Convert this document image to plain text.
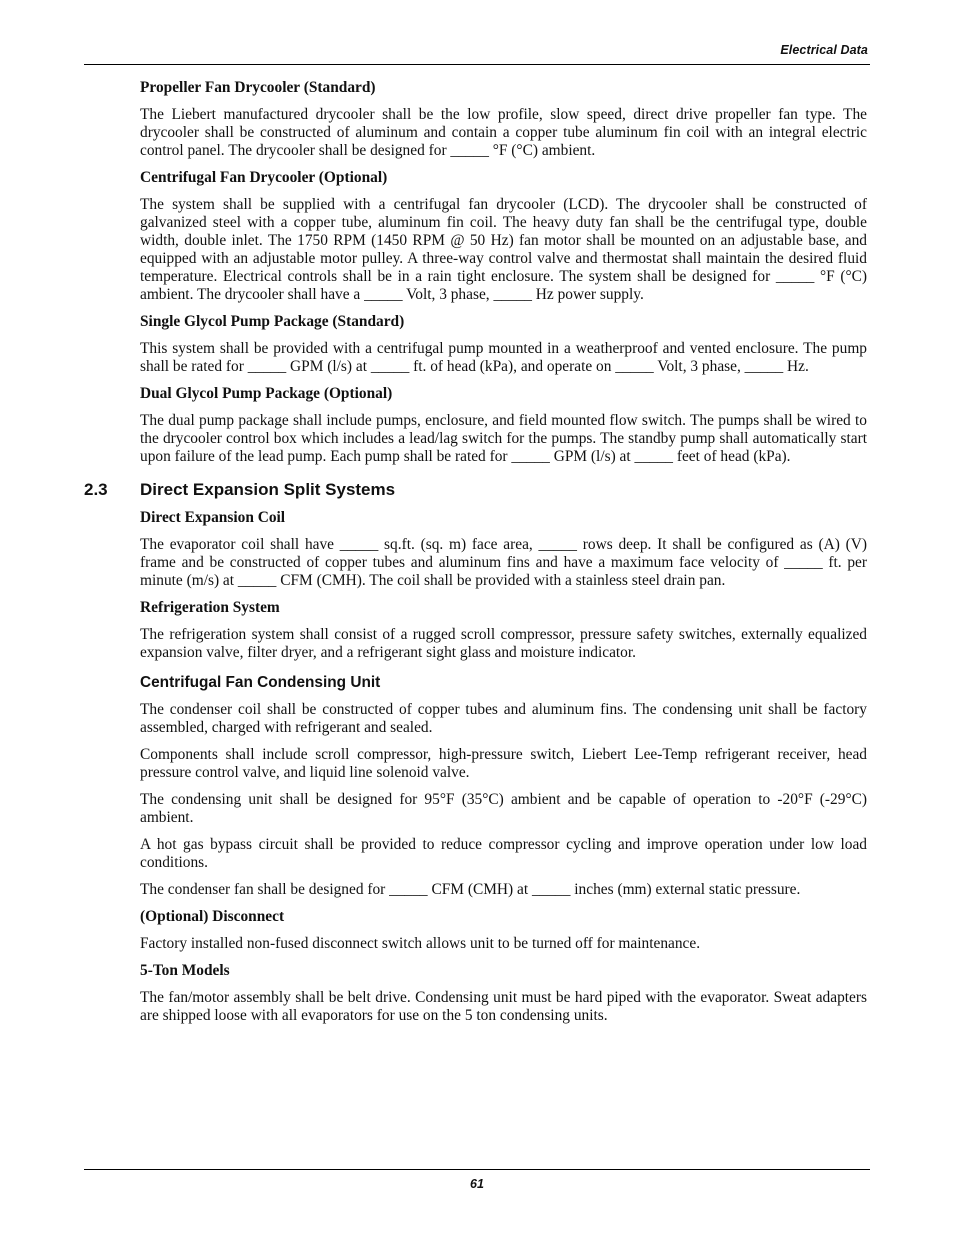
Electrical Data
Propeller Fan Drycooler (Standard)

The Liebert manufactured drycooler shall be the low profile, slow speed, direct drive propeller fan type. The drycooler shall be constructed of aluminum and contain a copper tube aluminum fin coil with an integral electric control panel. The drycooler shall be designed for _____ °F (°C) ambient.

Centrifugal Fan Drycooler (Optional)

The system shall be supplied with a centrifugal fan drycooler (LCD). The drycooler shall be constructed of galvanized steel with a copper tube, aluminum fin coil. The heavy duty fan shall be the centrifugal type, double width, double inlet. The 1750 RPM (1450 RPM @ 50 Hz) fan motor shall be mounted on an adjustable base, and equipped with an adjustable motor pulley. A three-way control valve and thermostat shall maintain the desired fluid temperature. Electrical controls shall be in a rain tight enclosure. The system shall be designed for _____ °F (°C) ambient. The drycooler shall have a _____ Volt, 3 phase, _____ Hz power supply.

Single Glycol Pump Package (Standard)

This system shall be provided with a centrifugal pump mounted in a weatherproof and vented enclosure. The pump shall be rated for _____ GPM (l/s) at _____ ft. of head (kPa), and operate on _____ Volt, 3 phase, _____ Hz.

Dual Glycol Pump Package (Optional)

The dual pump package shall include pumps, enclosure, and field mounted flow switch. The pumps shall be wired to the drycooler control box which includes a lead/lag switch for the pumps. The standby pump shall automatically start upon failure of the lead pump. Each pump shall be rated for _____ GPM (l/s) at _____ feet of head (kPa).

2.3 Direct Expansion Split Systems
Direct Expansion Coil

The evaporator coil shall have _____ sq.ft. (sq. m) face area, _____ rows deep. It shall be configured as (A) (V) frame and be constructed of copper tubes and aluminum fins and have a maximum face velocity of _____ ft. per minute (m/s) at _____ CFM (CMH). The coil shall be provided with a stainless steel drain pan.

Refrigeration System

The refrigeration system shall consist of a rugged scroll compressor, pressure safety switches, externally equalized expansion valve, filter dryer, and a refrigerant sight glass and moisture indicator.

Centrifugal Fan Condensing Unit

The condenser coil shall be constructed of copper tubes and aluminum fins. The condensing unit shall be factory assembled, charged with refrigerant and sealed.

Components shall include scroll compressor, high-pressure switch, Liebert Lee-Temp refrigerant receiver, head pressure control valve, and liquid line solenoid valve.

The condensing unit shall be designed for 95°F (35°C) ambient and be capable of operation to -20°F (-29°C) ambient.

A hot gas bypass circuit shall be provided to reduce compressor cycling and improve operation under low load conditions.

The condenser fan shall be designed for _____ CFM (CMH) at _____ inches (mm) external static pressure.

(Optional) Disconnect

Factory installed non-fused disconnect switch allows unit to be turned off for maintenance.

5-Ton Models

The fan/motor assembly shall be belt drive. Condensing unit must be hard piped with the evaporator. Sweat adapters are shipped loose with all evaporators for use on the 5 ton condensing units.

61
